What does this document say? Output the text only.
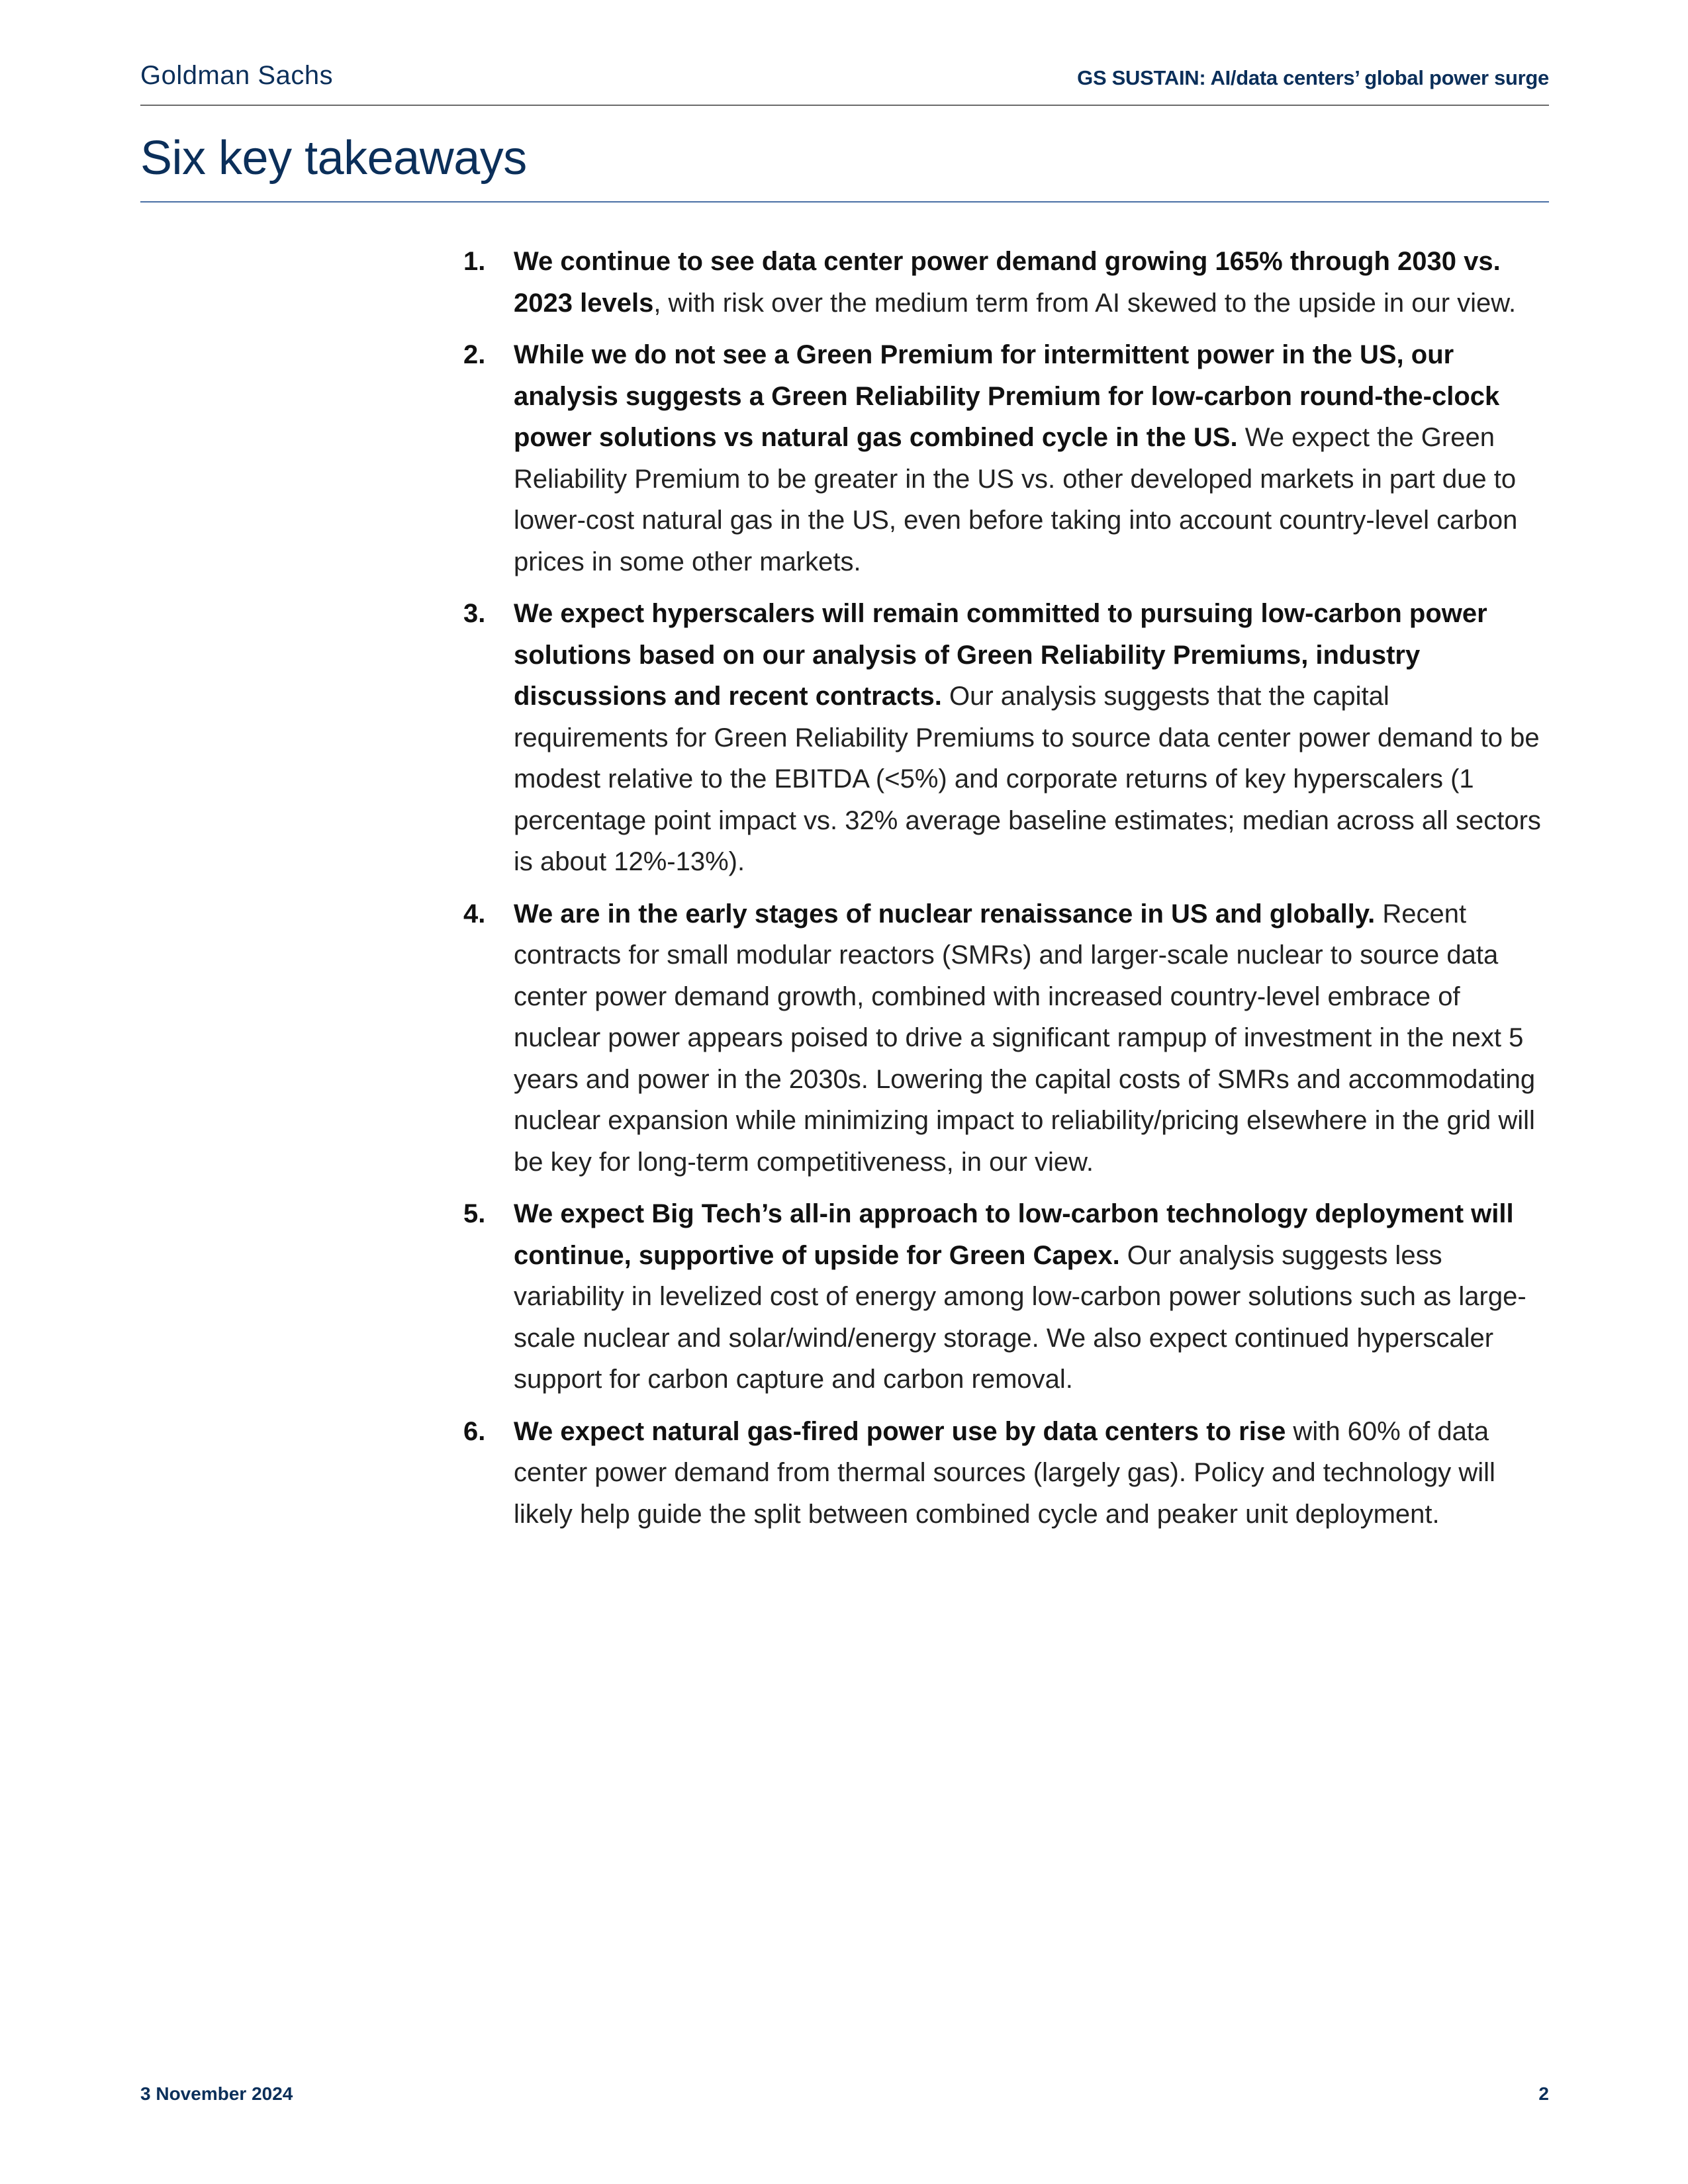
Goldman Sachs	GS SUSTAIN: AI/data centers’ global power surge
Six key takeaways
1. We continue to see data center power demand growing 165% through 2030 vs. 2023 levels, with risk over the medium term from AI skewed to the upside in our view.
2. While we do not see a Green Premium for intermittent power in the US, our analysis suggests a Green Reliability Premium for low-carbon round-the-clock power solutions vs natural gas combined cycle in the US. We expect the Green Reliability Premium to be greater in the US vs. other developed markets in part due to lower-cost natural gas in the US, even before taking into account country-level carbon prices in some other markets.
3. We expect hyperscalers will remain committed to pursuing low-carbon power solutions based on our analysis of Green Reliability Premiums, industry discussions and recent contracts. Our analysis suggests that the capital requirements for Green Reliability Premiums to source data center power demand to be modest relative to the EBITDA (<5%) and corporate returns of key hyperscalers (1 percentage point impact vs. 32% average baseline estimates; median across all sectors is about 12%-13%).
4. We are in the early stages of nuclear renaissance in US and globally. Recent contracts for small modular reactors (SMRs) and larger-scale nuclear to source data center power demand growth, combined with increased country-level embrace of nuclear power appears poised to drive a significant rampup of investment in the next 5 years and power in the 2030s. Lowering the capital costs of SMRs and accommodating nuclear expansion while minimizing impact to reliability/pricing elsewhere in the grid will be key for long-term competitiveness, in our view.
5. We expect Big Tech’s all-in approach to low-carbon technology deployment will continue, supportive of upside for Green Capex. Our analysis suggests less variability in levelized cost of energy among low-carbon power solutions such as large-scale nuclear and solar/wind/energy storage. We also expect continued hyperscaler support for carbon capture and carbon removal.
6. We expect natural gas-fired power use by data centers to rise with 60% of data center power demand from thermal sources (largely gas). Policy and technology will likely help guide the split between combined cycle and peaker unit deployment.
3 November 2024	2
